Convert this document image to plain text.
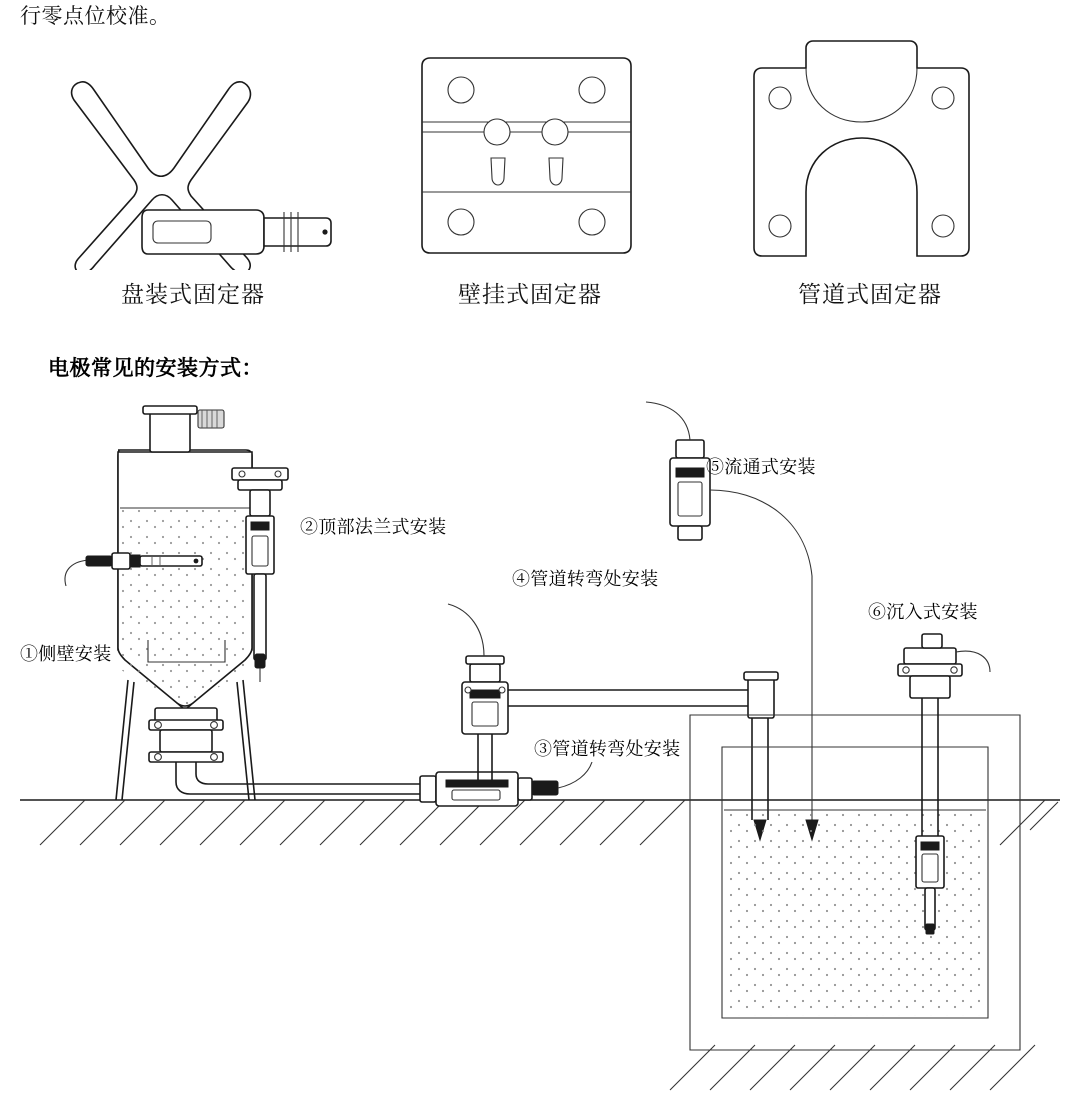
行零点位校准。
盘装式固定器	壁挂式固定器	管道式固定器
电极常见的安装方式：
①侧壁安装
②顶部法兰式安装
③管道转弯处安装
④管道转弯处安装
⑤流通式安装
⑥沉入式安装
